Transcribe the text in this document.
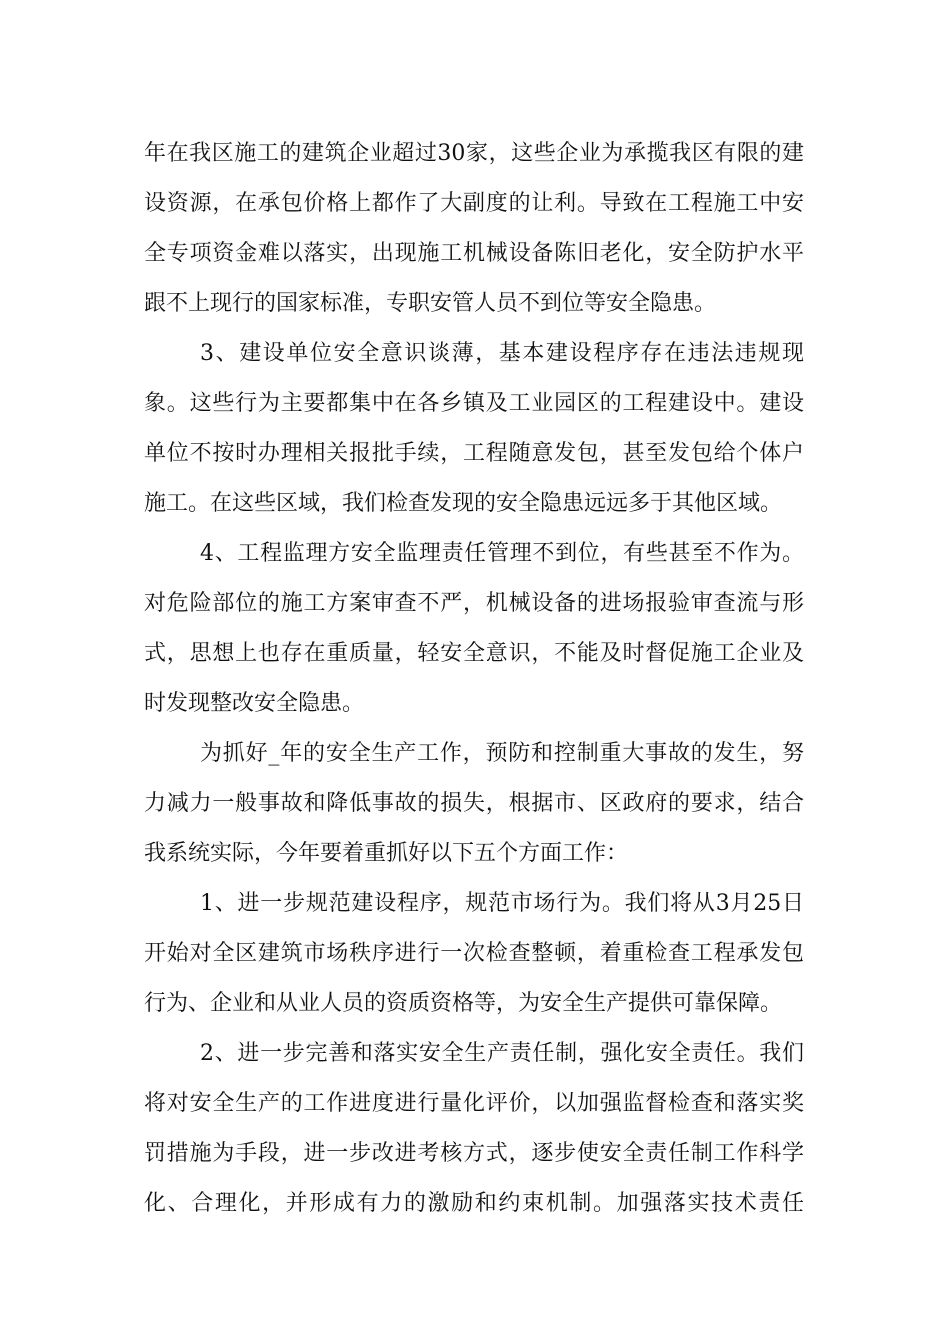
年在我区施工的建筑企业超过30家，这些企业为承揽我区有限的建
设资源，在承包价格上都作了大副度的让利。导致在工程施工中安
全专项资金难以落实，出现施工机械设备陈旧老化，安全防护水平
跟不上现行的国家标准，专职安管人员不到位等安全隐患。
3、建设单位安全意识谈薄，基本建设程序存在违法违规现
象。这些行为主要都集中在各乡镇及工业园区的工程建设中。建设
单位不按时办理相关报批手续，工程随意发包，甚至发包给个体户
施工。在这些区域，我们检查发现的安全隐患远远多于其他区域。
4、工程监理方安全监理责任管理不到位，有些甚至不作为。
对危险部位的施工方案审查不严，机械设备的进场报验审查流与形
式，思想上也存在重质量，轻安全意识，不能及时督促施工企业及
时发现整改安全隐患。
为抓好_年的安全生产工作，预防和控制重大事故的发生，努
力减力一般事故和降低事故的损失，根据市、区政府的要求，结合
我系统实际，今年要着重抓好以下五个方面工作：
1、进一步规范建设程序，规范市场行为。我们将从3月25日
开始对全区建筑市场秩序进行一次检查整顿，着重检查工程承发包
行为、企业和从业人员的资质资格等，为安全生产提供可靠保障。
2、进一步完善和落实安全生产责任制，强化安全责任。我们
将对安全生产的工作进度进行量化评价，以加强监督检查和落实奖
罚措施为手段，进一步改进考核方式，逐步使安全责任制工作科学
化、合理化，并形成有力的激励和约束机制。加强落实技术责任
